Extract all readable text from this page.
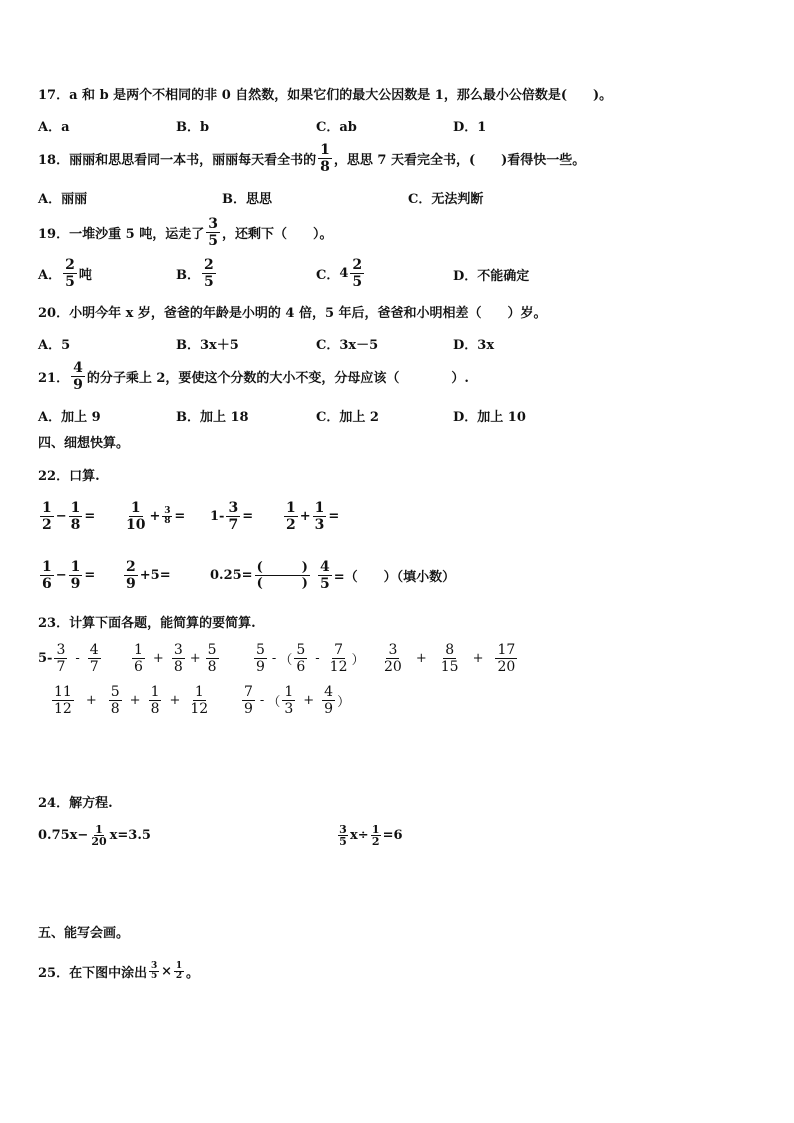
17．a 和 b 是两个不相同的非 0 自然数，如果它们的最大公因数是 1，那么最小公倍数是(　　)。
A．a	B．b	C．ab	D．1
18．丽丽和思思看同一本书，丽丽每天看全书的 $\frac{1}{8}$ ，思思 7 天看完全书，(　　)看得快一些。
A．丽丽	B．思思	C．无法判断
19．一堆沙重 5 吨，运走了 $\frac{3}{5}$ ，还剩下（　　）。
A． $\frac{2}{5}$ 吨	B． $\frac{2}{5}$	C． $4 \frac{2}{5}$	D．不能确定
20．小明今年 x 岁，爸爸的年龄是小明的 4 倍，5 年后，爸爸和小明相差（　　）岁。
A．5	B．3x＋5	C．3x－5	D．3x
21． $\frac{4}{9}$ 的分子乘上 2，要使这个分数的大小不变，分母应该（　　　　）.
A．加上 9	B．加上 18	C．加上 2	D．加上 10
四、细想快算。
22．口算.
$\frac{1}{2} - \frac{1}{8} = \frac{1}{10} + \frac{3}{8} = 1- \frac{3}{7} = \frac{1}{2} + \frac{1}{3}$ =
$\frac{1}{6} - \frac{1}{9} = \frac{2}{9} + 5=$	$0.25= \frac{( )}{( )} \frac{4}{5}$ =（　　）（填小数）
23．计算下面各题，能简算的要简算.
$5- \frac{3}{7} - \frac{4}{7} \frac{1}{6} + \frac{3}{8} + \frac{5}{8}$	$\frac{5}{9}$ - （ $\frac{5}{6} - \frac{7}{12}$ ） $\frac{3}{20} + \frac{8}{15} + \frac{17}{20}$
$\frac{11}{12} + \frac{5}{8} + \frac{1}{8} + \frac{1}{12} \frac{7}{9}$ - （ $\frac{1}{3} + \frac{4}{9}$ ）
24．解方程.
$0.75x- \frac{1}{20} x=3.5$	$\frac{3}{5} x\div \frac{1}{2} =6$
五、能写会画。
25．在下图中涂出 $\frac{3}{5} \times \frac{1}{2}$ 。
